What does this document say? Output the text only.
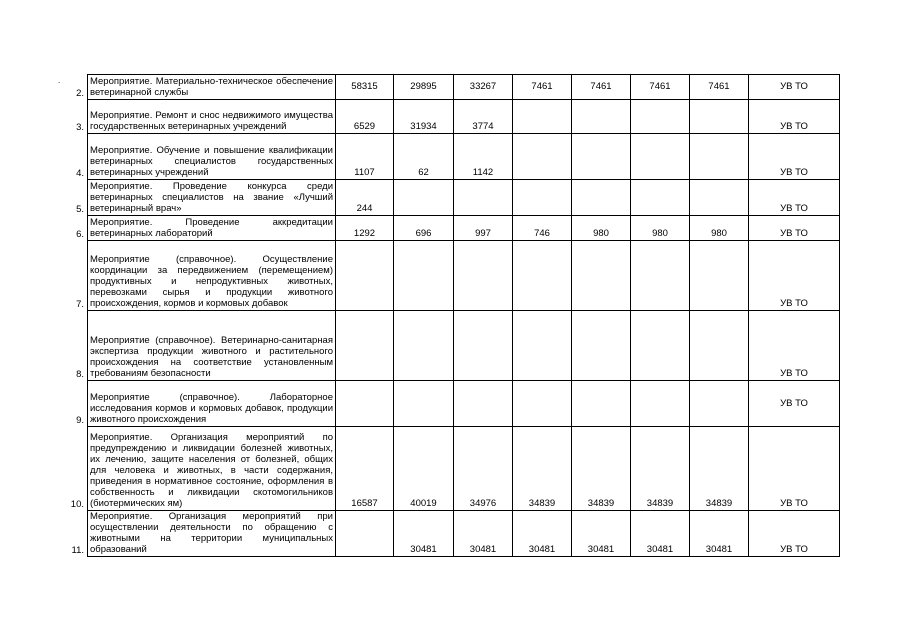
.
2.	Мероприятие. Материально-техническое обеспечение ветеринарной службы	58315	29895	33267	7461	7461	7461	7461	УВ ТО
3.	Мероприятие. Ремонт и снос недвижимого имущества государственных ветеринарных учреждений	6529	31934	3774					УВ ТО
4.	Мероприятие. Обучение и повышение квалификации ветеринарных специалистов государственных ветеринарных учреждений	1107	62	1142					УВ ТО
5.	Мероприятие. Проведение конкурса среди ветеринарных специалистов на звание «Лучший ветеринарный врач»	244							УВ ТО
6.	Мероприятие. Проведение аккредитации ветеринарных лабораторий	1292	696	997	746	980	980	980	УВ ТО
7.	Мероприятие (справочное). Осуществление координации за передвижением (перемещением) продуктивных и непродуктивных животных, перевозками сырья и продукции животного происхождения, кормов и кормовых добавок								УВ ТО
8.	Мероприятие (справочное). Ветеринарно-санитарная экспертиза продукции животного и растительного происхождения на соответствие установленным требованиям безопасности								УВ ТО
9.	Мероприятие (справочное). Лабораторное исследования кормов и кормовых добавок, продукции животного происхождения								УВ ТО
10.	Мероприятие. Организация мероприятий по предупреждению и ликвидации болезней животных, их лечению, защите населения от болезней, общих для человека и животных, в части содержания, приведения в нормативное состояние, оформления в собственность и ликвидации скотомогильников (биотермических ям)	16587	40019	34976	34839	34839	34839	34839	УВ ТО
11.	Мероприятие. Организация мероприятий при осуществлении деятельности по обращению с животными на территории муниципальных образований		30481	30481	30481	30481	30481	30481	УВ ТО
